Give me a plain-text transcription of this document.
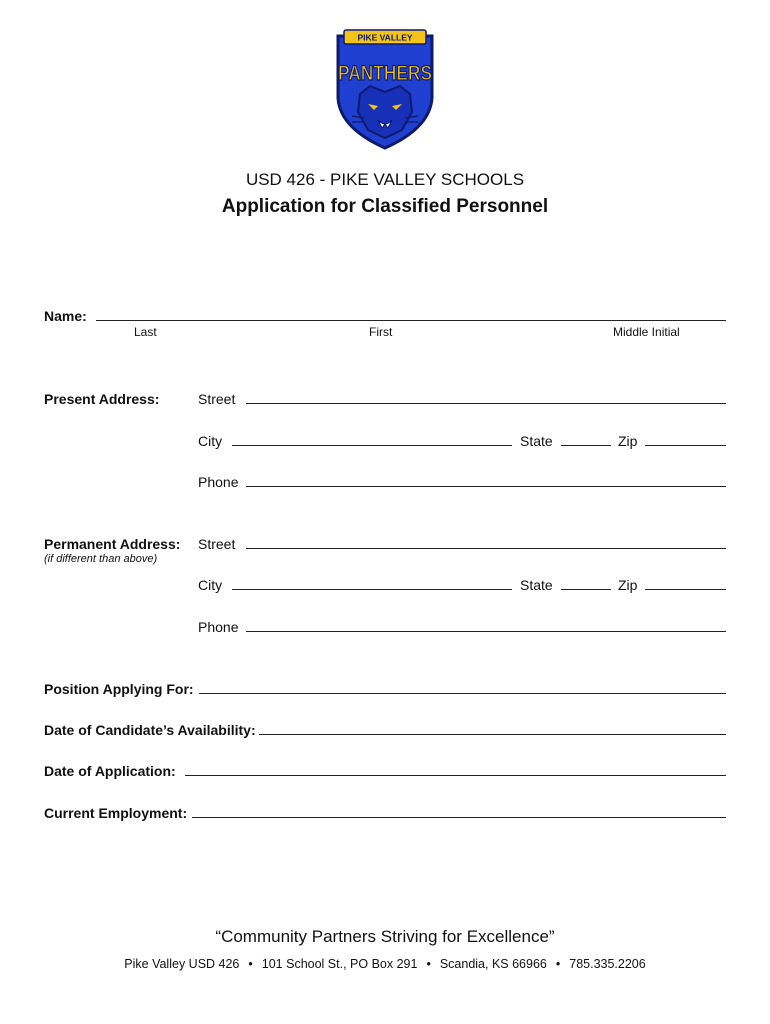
PIKE VALLEY
PANTHERS
USD 426 - PIKE VALLEY SCHOOLS
Application for Classified Personnel
Name:
Last	First	Middle Initial
Present Address:	Street
City	State	Zip
Phone
Permanent Address:
(if different than above)
Street
City	State	Zip
Phone
Position Applying For:
Date of Candidate’s Availability:
Date of Application:
Current Employment:
“Community Partners Striving for Excellence”
Pike Valley USD 426 • 101 School St., PO Box 291 • Scandia, KS 66966 • 785.335.2206
